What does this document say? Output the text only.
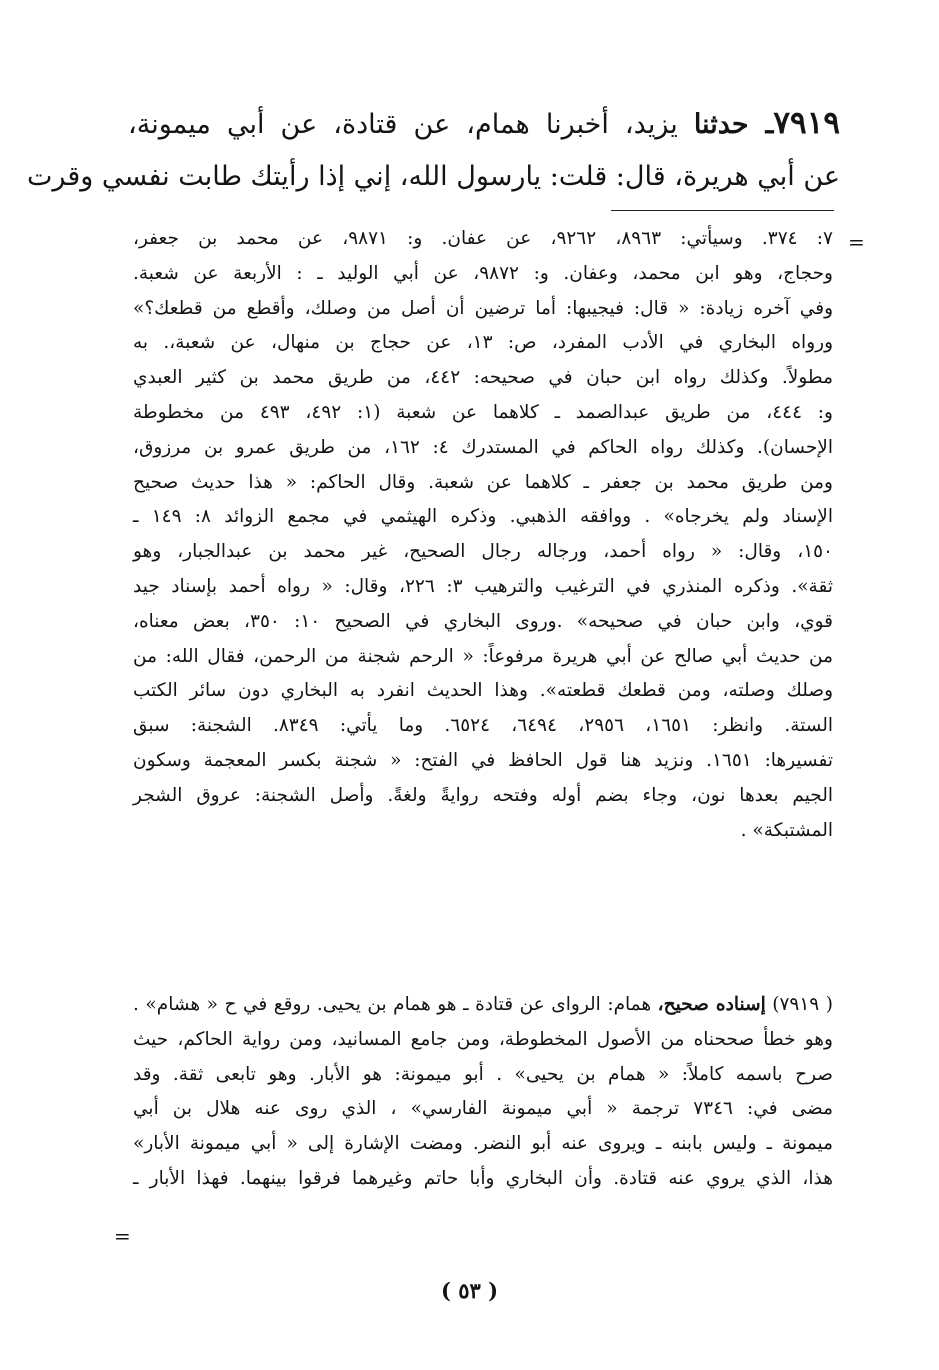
٧٩١٩ـ حدثنا يزيد، أخبرنا همام، عن قتادة، عن أبي ميمونة،
عن أبي هريرة، قال: قلت: يارسول الله، إني إذا رأيتك طابت نفسي وقرت
=
٧: ٣٧٤. وسيأتي: ٨٩٦٣، ٩٢٦٢، عن عفان. و: ٩٨٧١، عن محمد بن جعفر،
وحجاج، وهو ابن محمد، وعفان. و: ٩٨٧٢، عن أبي الوليد ـ : الأربعة عن شعبة.
وفي آخره زيادة: « قال: فيجيبها: أما ترضين أن أصل من وصلك، وأقطع من قطعك؟»
ورواه البخاري في الأدب المفرد، ص: ١٣، عن حجاج بن منهال، عن شعبة،. به
مطولاً. وكذلك رواه ابن حبان في صحيحه: ٤٤٢، من طريق محمد بن كثير العبدي
و: ٤٤٤، من طريق عبدالصمد ـ كلاهما عن شعبة (١: ٤٩٢، ٤٩٣ من مخطوطة
الإحسان). وكذلك رواه الحاكم في المستدرك ٤: ١٦٢، من طريق عمرو بن مرزوق،
ومن طريق محمد بن جعفر ـ كلاهما عن شعبة. وقال الحاكم: « هذا حديث صحيح
الإسناد ولم يخرجاه» . ووافقه الذهبي. وذكره الهيثمي في مجمع الزوائد ٨: ١٤٩ ـ
١٥٠، وقال: « رواه أحمد، ورجاله رجال الصحيح، غير محمد بن عبدالجبار، وهو
ثقة». وذكره المنذري في الترغيب والترهيب ٣: ٢٢٦، وقال: « رواه أحمد بإسناد جيد
قوي، وابن حبان في صحيحه» .وروى البخاري في الصحيح ١٠: ٣٥٠، بعض معناه،
من حديث أبي صالح عن أبي هريرة مرفوعاً: « الرحم شجنة من الرحمن، فقال الله: من
وصلك وصلته، ومن قطعك قطعته». وهذا الحديث انفرد به البخاري دون سائر الكتب
الستة. وانظر: ١٦٥١، ٢٩٥٦، ٦٤٩٤، ٦٥٢٤. وما يأتي: ٨٣٤٩. الشجنة: سبق
تفسيرها: ١٦٥١. ونزيد هنا قول الحافظ في الفتح: « شجنة بكسر المعجمة وسكون
الجيم بعدها نون، وجاء بضم أوله وفتحه روايةً ولغةً. وأصل الشجنة: عروق الشجر
المشتبكة» .
( ٧٩١٩) إسناده صحيح، همام: الرواى عن قتادة ـ هو همام بن يحيى. روقع في ح « هشام» .
وهو خطأ صححناه من الأصول المخطوطة، ومن جامع المسانيد، ومن رواية الحاكم، حيث
صرح باسمه كاملاً: « همام بن يحيى» . أبو ميمونة: هو الأبار. وهو تابعى ثقة. وقد
مضى في: ٧٣٤٦ ترجمة « أبي ميمونة الفارسي» ، الذي روى عنه هلال بن أبي
ميمونة ـ وليس بابنه ـ ويروى عنه أبو النضر. ومضت الإشارة إلى « أبي ميمونة الأبار»
هذا، الذي يروي عنه قتادة. وأن البخاري وأبا حاتم وغيرهما فرقوا بينهما. فهذا الأبار ـ
=
( ٥٣ )
